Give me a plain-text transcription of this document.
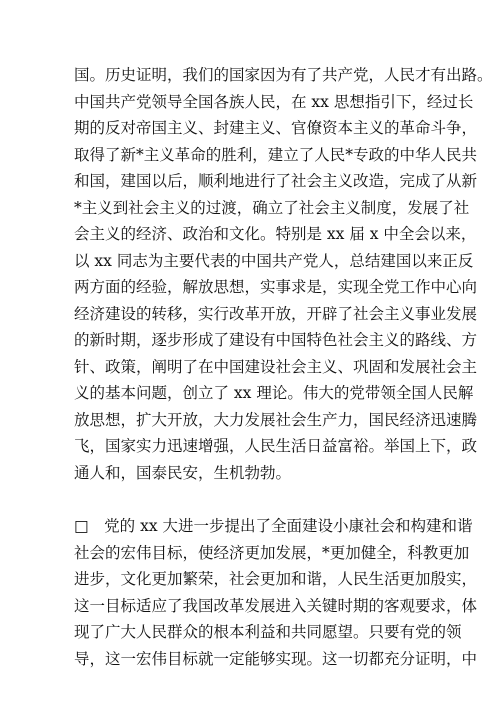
国。历史证明，我们的国家因为有了共产党，人民才有出路。
中国共产党领导全国各族人民，在 xx 思想指引下，经过长
期的反对帝国主义、封建主义、官僚资本主义的革命斗争，
取得了新*主义革命的胜利，建立了人民*专政的中华人民共
和国，建国以后，顺利地进行了社会主义改造，完成了从新
*主义到社会主义的过渡，确立了社会主义制度，发展了社
会主义的经济、政治和文化。特别是 xx 届 x 中全会以来，
以 xx 同志为主要代表的中国共产党人，总结建国以来正反
两方面的经验，解放思想，实事求是，实现全党工作中心向
经济建设的转移，实行改革开放，开辟了社会主义事业发展
的新时期，逐步形成了建设有中国特色社会主义的路线、方
针、政策，阐明了在中国建设社会主义、巩固和发展社会主
义的基本问题，创立了 xx 理论。伟大的党带领全国人民解
放思想，扩大开放，大力发展社会生产力，国民经济迅速腾
飞，国家实力迅速增强，人民生活日益富裕。举国上下，政
通人和，国泰民安，生机勃勃。
□　党的 xx 大进一步提出了全面建设小康社会和构建和谐
社会的宏伟目标，使经济更加发展，*更加健全，科教更加
进步，文化更加繁荣，社会更加和谐，人民生活更加殷实，
这一目标适应了我国改革发展进入关键时期的客观要求，体
现了广大人民群众的根本利益和共同愿望。只要有党的领
导，这一宏伟目标就一定能够实现。这一切都充分证明，中
